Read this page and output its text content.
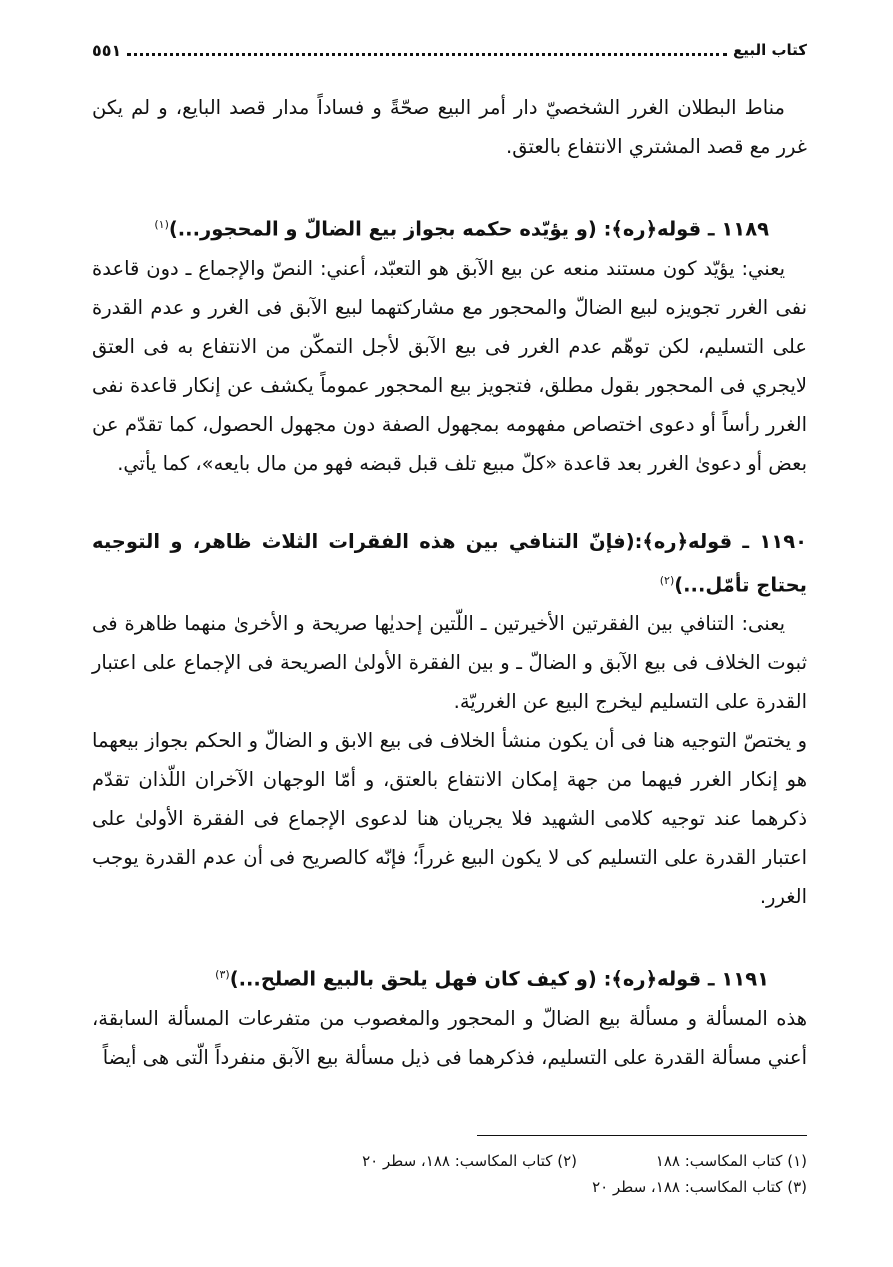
كتاب البيع
٥٥١

مناط البطلان الغرر الشخصيّ دار أمر البيع صحّةً و فساداً مدار قصد البايع، و لم يكن غرر مع قصد المشتري الانتفاع بالعتق.

١١٨٩ ـ قوله﴿ره﴾: (و يؤيّده حكمه بجواز بيع الضالّ و المحجور...)$^{(١)}$

يعني: يؤيّد كون مستند منعه عن بيع الآبق هو التعبّد، أعني: النصّ والإجماع ـ دون قاعدة نفى الغرر تجويزه لبيع الضالّ والمحجور مع مشاركتهما لبيع الآبق فى الغرر و عدم القدرة على التسليم، لكن توهّم عدم الغرر فى بيع الآبق لأجل التمكّن من الانتفاع به فى العتق لايجري فى المحجور بقول مطلق، فتجويز بيع المحجور عموماً يكشف عن إنكار قاعدة نفى الغرر رأساً أو دعوى اختصاص مفهومه بمجهول الصفة دون مجهول الحصول، كما تقدّم عن بعض أو دعوىٰ الغرر بعد قاعدة «كلّ مبيع تلف قبل قبضه فهو من مال بايعه»، كما يأتي.

١١٩٠ ـ قوله﴿ره﴾:(فإنّ التنافي بين هذه الفقرات الثلاث ظاهر، و التوجيه يحتاج تأمّل...)$^{(٢)}$

يعنى: التنافي بين الفقرتين الأخيرتين ـ اللّتين إحديٰها صريحة و الأخرىٰ منهما ظاهرة فى ثبوت الخلاف فى بيع الآبق و الضالّ ـ و بين الفقرة الأولىٰ الصريحة فى الإجماع على اعتبار القدرة على التسليم ليخرج البيع عن الغرريّة.

و يختصّ التوجيه هنا فى أن يكون منشأ الخلاف فى بيع الابق و الضالّ و الحكم بجواز بيعهما هو إنكار الغرر فيهما من جهة إمكان الانتفاع بالعتق، و أمّا الوجهان الآخران اللّذان تقدّم ذكرهما عند توجيه كلامى الشهيد فلا يجريان هنا لدعوى الإجماع فى الفقرة الأولىٰ على اعتبار القدرة على التسليم كى لا يكون البيع غرراً؛ فإنّه كالصريح فى أن عدم القدرة يوجب الغرر.

١١٩١ ـ قوله﴿ره﴾: (و كيف كان فهل يلحق بالبيع الصلح...)$^{(٣)}$

هذه المسألة و مسألة بيع الضالّ و المحجور والمغصوب من متفرعات المسألة السابقة، أعني مسألة القدرة على التسليم، فذكرهما فى ذيل مسألة بيع الآبق منفرداً الّتى هى أيضاً

(١) كتاب المكاسب: ١٨٨
(٢) كتاب المكاسب: ١٨٨، سطر ٢٠
(٣) كتاب المكاسب: ١٨٨، سطر ٢٠
